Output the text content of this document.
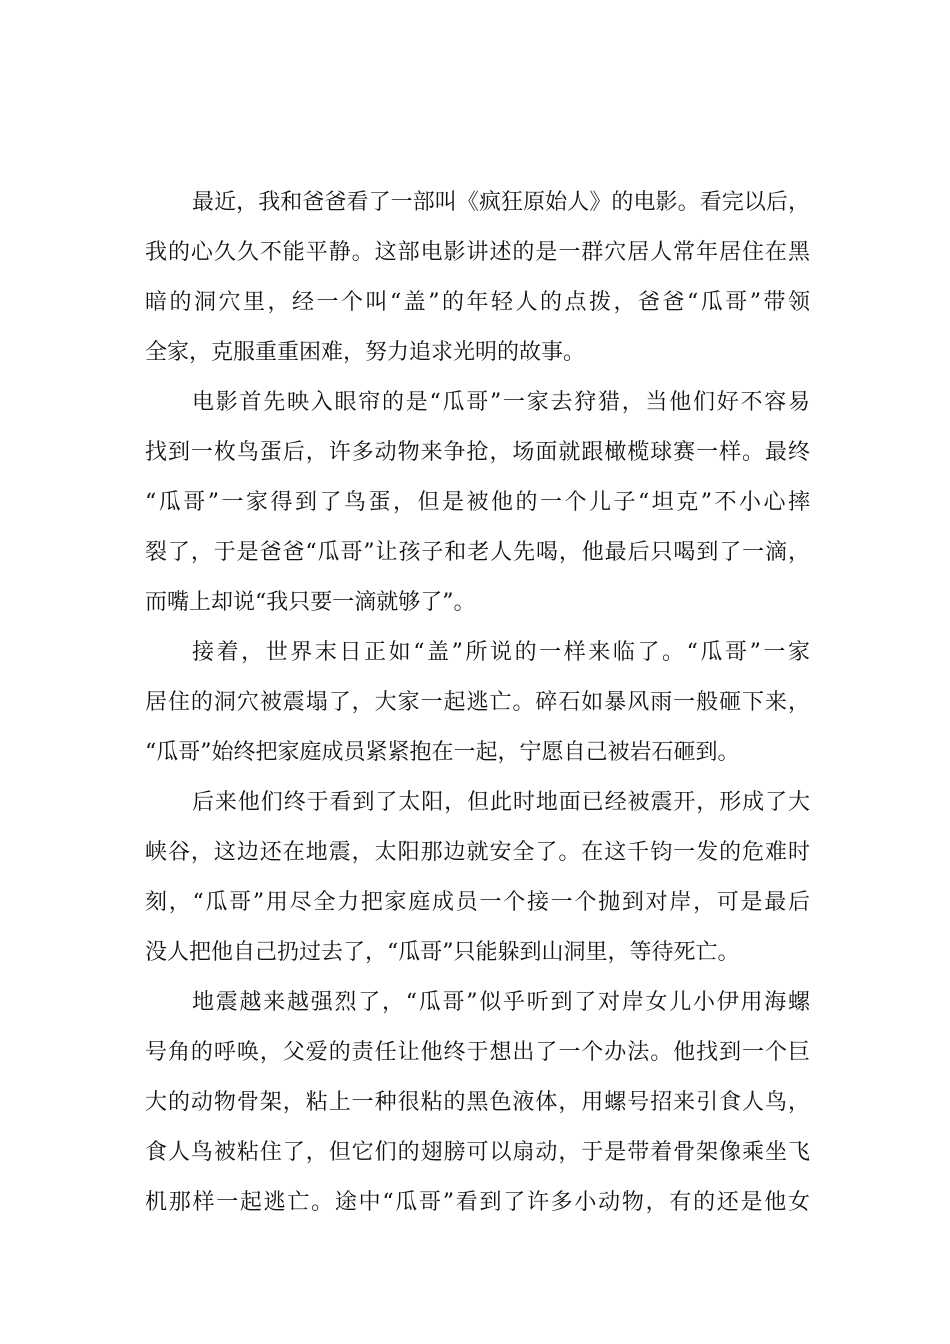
最近，我和爸爸看了一部叫《疯狂原始人》的电影。看完以后，
我的心久久不能平静。这部电影讲述的是一群穴居人常年居住在黑
暗的洞穴里，经一个叫“盖”的年轻人的点拨，爸爸“瓜哥”带领
全家，克服重重困难，努力追求光明的故事。

电影首先映入眼帘的是“瓜哥”一家去狩猎，当他们好不容易
找到一枚鸟蛋后，许多动物来争抢，场面就跟橄榄球赛一样。最终
“瓜哥”一家得到了鸟蛋，但是被他的一个儿子“坦克”不小心摔
裂了，于是爸爸“瓜哥”让孩子和老人先喝，他最后只喝到了一滴，
而嘴上却说“我只要一滴就够了”。

接着，世界末日正如“盖”所说的一样来临了。“瓜哥”一家
居住的洞穴被震塌了，大家一起逃亡。碎石如暴风雨一般砸下来，
“瓜哥”始终把家庭成员紧紧抱在一起，宁愿自己被岩石砸到。

后来他们终于看到了太阳，但此时地面已经被震开，形成了大
峡谷，这边还在地震，太阳那边就安全了。在这千钧一发的危难时
刻，“瓜哥”用尽全力把家庭成员一个接一个抛到对岸，可是最后
没人把他自己扔过去了，“瓜哥”只能躲到山洞里，等待死亡。

地震越来越强烈了，“瓜哥”似乎听到了对岸女儿小伊用海螺
号角的呼唤，父爱的责任让他终于想出了一个办法。他找到一个巨
大的动物骨架，粘上一种很粘的黑色液体，用螺号招来引食人鸟，
食人鸟被粘住了，但它们的翅膀可以扇动，于是带着骨架像乘坐飞
机那样一起逃亡。途中“瓜哥”看到了许多小动物，有的还是他女
